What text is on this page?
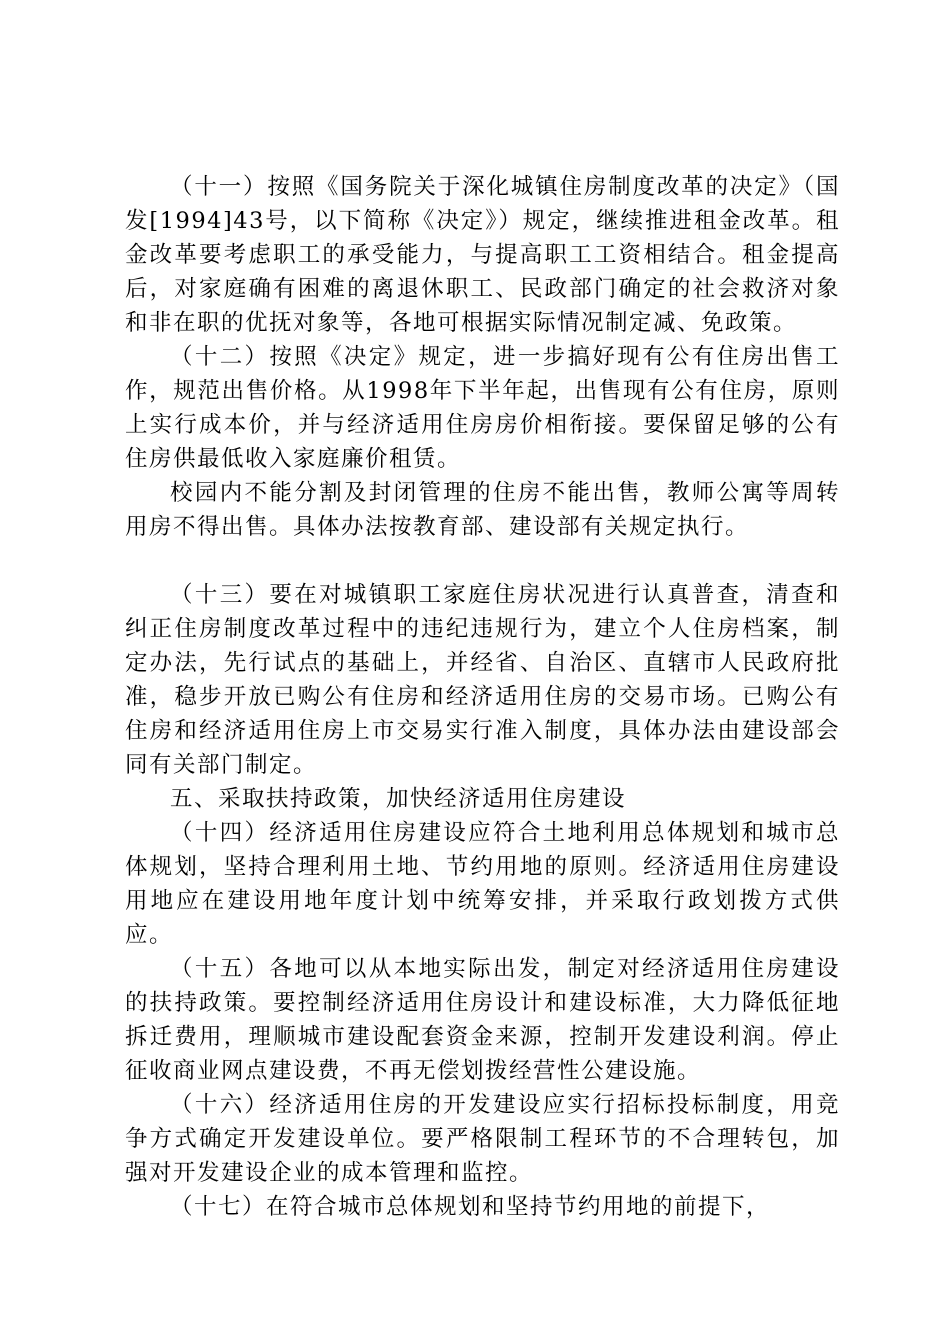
（十一）按照《国务院关于深化城镇住房制度改革的决定》（国发[1994]43号，以下简称《决定》）规定，继续推进租金改革。租金改革要考虑职工的承受能力，与提高职工工资相结合。租金提高后，对家庭确有困难的离退休职工、民政部门确定的社会救济对象和非在职的优抚对象等，各地可根据实际情况制定减、免政策。

（十二）按照《决定》规定，进一步搞好现有公有住房出售工作，规范出售价格。从1998年下半年起，出售现有公有住房，原则上实行成本价，并与经济适用住房房价相衔接。要保留足够的公有住房供最低收入家庭廉价租赁。

校园内不能分割及封闭管理的住房不能出售，教师公寓等周转用房不得出售。具体办法按教育部、建设部有关规定执行。

（十三）要在对城镇职工家庭住房状况进行认真普查，清查和纠正住房制度改革过程中的违纪违规行为，建立个人住房档案，制定办法，先行试点的基础上，并经省、自治区、直辖市人民政府批准，稳步开放已购公有住房和经济适用住房的交易市场。已购公有住房和经济适用住房上市交易实行准入制度，具体办法由建设部会同有关部门制定。

五、采取扶持政策，加快经济适用住房建设

（十四）经济适用住房建设应符合土地利用总体规划和城市总体规划，坚持合理利用土地、节约用地的原则。经济适用住房建设用地应在建设用地年度计划中统筹安排，并采取行政划拨方式供应。

（十五）各地可以从本地实际出发，制定对经济适用住房建设的扶持政策。要控制经济适用住房设计和建设标准，大力降低征地拆迁费用，理顺城市建设配套资金来源，控制开发建设利润。停止征收商业网点建设费，不再无偿划拨经营性公建设施。

（十六）经济适用住房的开发建设应实行招标投标制度，用竞争方式确定开发建设单位。要严格限制工程环节的不合理转包，加强对开发建设企业的成本管理和监控。

（十七）在符合城市总体规划和坚持节约用地的前提下，
